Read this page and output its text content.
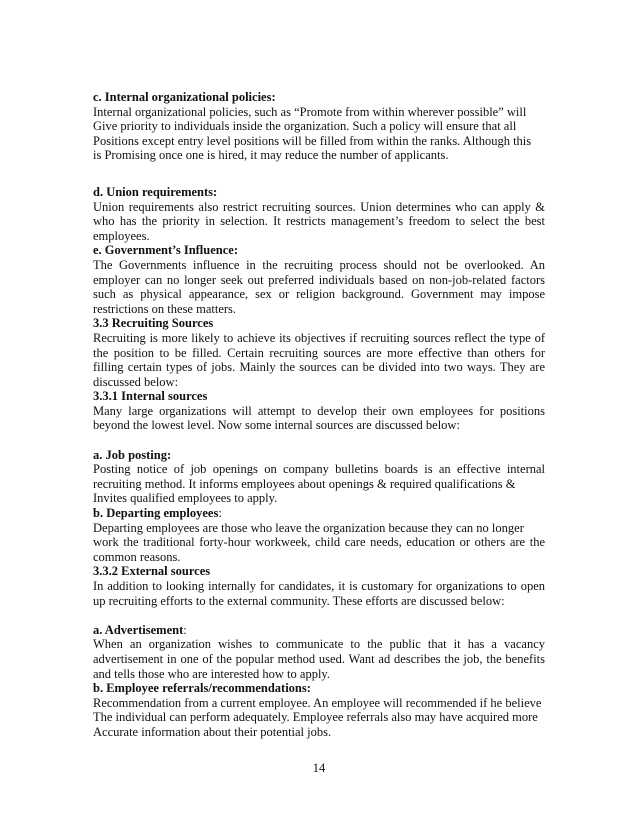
c. Internal organizational policies:

Internal organizational policies, such as “Promote from within wherever possible” will

Give priority to individuals inside the organization. Such a policy will ensure that all

Positions except entry level positions will be filled from within the ranks. Although this

is Promising once one is hired, it may reduce the number of applicants.

d. Union requirements:

Union requirements also restrict recruiting sources. Union determines who can apply & who has the priority in selection. It restricts management’s freedom to select the best employees.

e. Government’s Influence:

The Governments influence in the recruiting process should not be overlooked. An employer can no longer seek out preferred individuals based on non-job-related factors such as physical appearance, sex or religion background. Government may impose restrictions on these matters.

3.3 Recruiting Sources

Recruiting is more likely to achieve its objectives if recruiting sources reflect the type of the position to be filled. Certain recruiting sources are more effective than others for filling certain types of jobs. Mainly the sources can be divided into two ways. They are discussed below:

3.3.1 Internal sources

Many large organizations will attempt to develop their own employees for positions beyond the lowest level. Now some internal sources are discussed below:

a. Job posting:

Posting notice of job openings on company bulletins boards is an effective internal recruiting method. It informs employees about openings & required qualifications &

Invites qualified employees to apply.

b. Departing employees:

Departing employees are those who leave the organization because they can no longer

work the traditional forty-hour workweek, child care needs, education or others are the common reasons.

3.3.2 External sources

In addition to looking internally for candidates, it is customary for organizations to open up recruiting efforts to the external community. These efforts are discussed below:

a. Advertisement:

When an organization wishes to communicate to the public that it has a vacancy advertisement in one of the popular method used. Want ad describes the job, the benefits and tells those who are interested how to apply.

b. Employee referrals/recommendations:

Recommendation from a current employee. An employee will recommended if he believe

The individual can perform adequately. Employee referrals also may have acquired more

Accurate information about their potential jobs.

14
